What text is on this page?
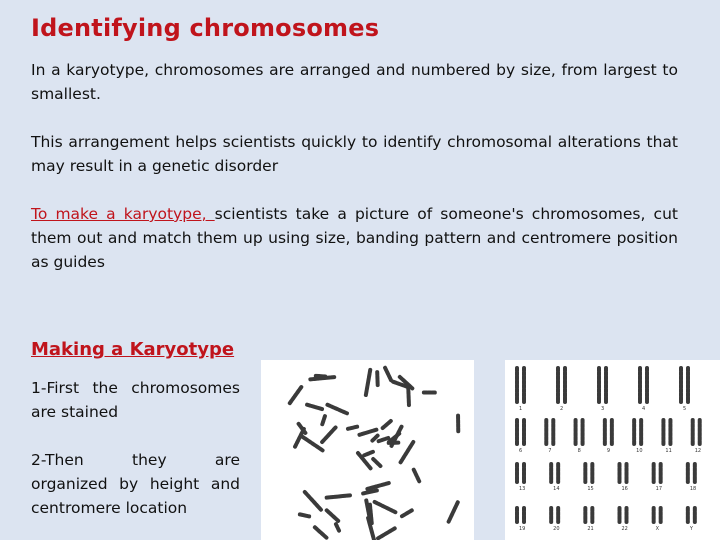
Identifying chromosomes

In a karyotype, chromosomes are arranged and numbered by size, from largest to smallest.

This arrangement helps scientists quickly to identify chromosomal alterations that may result in a genetic disorder

To make a karyotype, scientists take a picture of someone's chromosomes, cut them out and match them up using size, banding pattern and centromere position as guides

Making a Karyotype

1-First the chromosomes are stained

2-Then they are

organized by height and centromere location

1	2	3	4	5
6	7	8	9	10	11	12
13	14	15	16	17	18
19	20	21	22	X	Y
